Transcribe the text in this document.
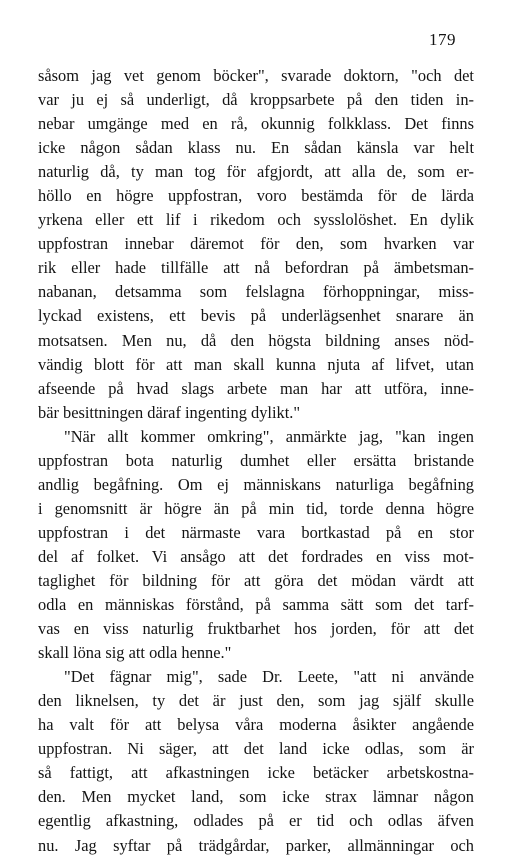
179
såsom jag vet genom böcker", svarade doktorn, "och det
var ju ej så underligt, då kroppsarbete på den tiden in-
nebar umgänge med en rå, okunnig folkklass. Det finns
icke någon sådan klass nu. En sådan känsla var helt
naturlig då, ty man tog för afgjordt, att alla de, som er-
höllo en högre uppfostran, voro bestämda för de lärda
yrkena eller ett lif i rikedom och sysslolöshet. En dylik
uppfostran innebar däremot för den, som hvarken var
rik eller hade tillfälle att nå befordran på ämbetsman-
nabanan, detsamma som felslagna förhoppningar, miss-
lyckad existens, ett bevis på underlägsenhet snarare än
motsatsen. Men nu, då den högsta bildning anses nöd-
vändig blott för att man skall kunna njuta af lifvet, utan
afseende på hvad slags arbete man har att utföra, inne-
bär besittningen däraf ingenting dylikt."
"När allt kommer omkring", anmärkte jag, "kan ingen
uppfostran bota naturlig dumhet eller ersätta bristande
andlig begåfning. Om ej människans naturliga begåfning
i genomsnitt är högre än på min tid, torde denna högre
uppfostran i det närmaste vara bortkastad på en stor
del af folket. Vi ansågo att det fordrades en viss mot-
taglighet för bildning för att göra det mödan värdt att
odla en människas förstånd, på samma sätt som det tarf-
vas en viss naturlig fruktbarhet hos jorden, för att det
skall löna sig att odla henne."
"Det fägnar mig", sade Dr. Leete, "att ni använde
den liknelsen, ty det är just den, som jag själf skulle
ha valt för att belysa våra moderna åsikter angående
uppfostran. Ni säger, att det land icke odlas, som är
så fattigt, att afkastningen icke betäcker arbetskostna-
den. Men mycket land, som icke strax lämnar någon
egentlig afkastning, odlades på er tid och odlas äfven
nu. Jag syftar på trädgårdar, parker, allmänningar och
